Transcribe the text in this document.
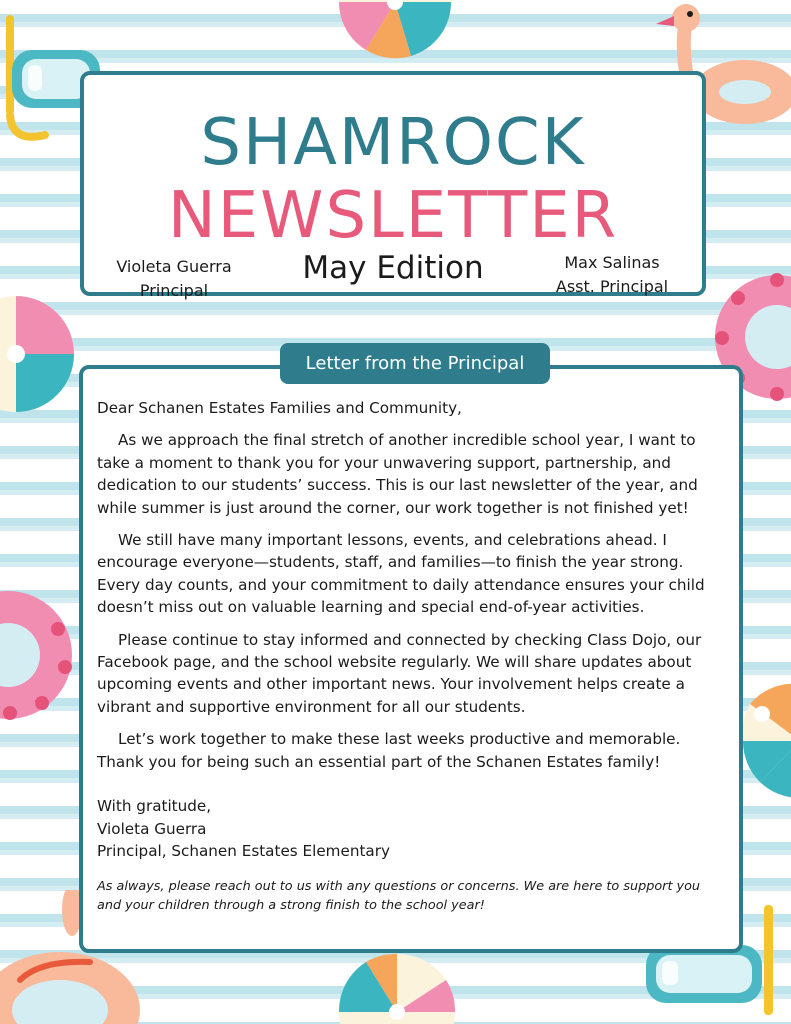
SHAMROCK
NEWSLETTER
May Edition
Violeta Guerra
Principal
Max Salinas
Asst. Principal
Letter from the Principal

Dear Schanen Estates Families and Community,

As we approach the final stretch of another incredible school year, I want to take a moment to thank you for your unwavering support, partnership, and dedication to our students’ success. This is our last newsletter of the year, and while summer is just around the corner, our work together is not finished yet!

We still have many important lessons, events, and celebrations ahead. I encourage everyone—students, staff, and families—to finish the year strong. Every day counts, and your commitment to daily attendance ensures your child doesn’t miss out on valuable learning and special end-of-year activities.

Please continue to stay informed and connected by checking Class Dojo, our Facebook page, and the school website regularly. We will share updates about upcoming events and other important news. Your involvement helps create a vibrant and supportive environment for all our students.

Let’s work together to make these last weeks productive and memorable. Thank you for being such an essential part of the Schanen Estates family!

With gratitude,

Violeta Guerra

Principal, Schanen Estates Elementary

As always, please reach out to us with any questions or concerns. We are here to support you and your children through a strong finish to the school year!
